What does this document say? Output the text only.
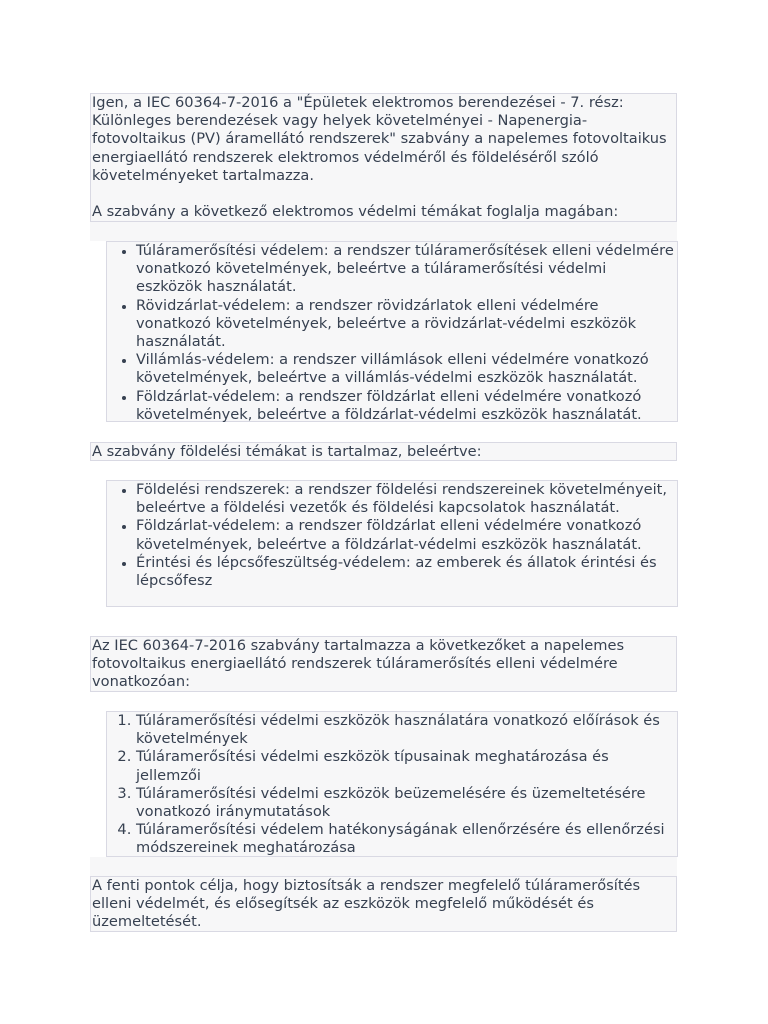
Igen, a IEC 60364-7-2016 a "Épületek elektromos berendezései - 7. rész: Különleges berendezések vagy helyek követelményei - Napenergia-fotovoltaikus (PV) áramellátó rendszerek" szabvány a napelemes fotovoltaikus energiaellátó rendszerek elektromos védelméről és földeléséről szóló követelményeket tartalmazza.

A szabvány a következő elektromos védelmi témákat foglalja magában:

• Túláramerősítési védelem: a rendszer túláramerősítések elleni védelmére vonatkozó követelmények, beleértve a túláramerősítési védelmi eszközök használatát.
• Rövidzárlat-védelem: a rendszer rövidzárlatok elleni védelmére vonatkozó követelmények, beleértve a rövidzárlat-védelmi eszközök használatát.
• Villámlás-védelem: a rendszer villámlások elleni védelmére vonatkozó követelmények, beleértve a villámlás-védelmi eszközök használatát.
• Földzárlat-védelem: a rendszer földzárlat elleni védelmére vonatkozó követelmények, beleértve a földzárlat-védelmi eszközök használatát.

A szabvány földelési témákat is tartalmaz, beleértve:

• Földelési rendszerek: a rendszer földelési rendszereinek követelményeit, beleértve a földelési vezetők és földelési kapcsolatok használatát.
• Földzárlat-védelem: a rendszer földzárlat elleni védelmére vonatkozó követelmények, beleértve a földzárlat-védelmi eszközök használatát.
• Érintési és lépcsőfeszültség-védelem: az emberek és állatok érintési és lépcsőfesz

Az IEC 60364-7-2016 szabvány tartalmazza a következőket a napelemes fotovoltaikus energiaellátó rendszerek túláramerősítés elleni védelmére vonatkozóan:

1. Túláramerősítési védelmi eszközök használatára vonatkozó előírások és követelmények
2. Túláramerősítési védelmi eszközök típusainak meghatározása és jellemzői
3. Túláramerősítési védelmi eszközök beüzemelésére és üzemeltetésére vonatkozó iránymutatások
4. Túláramerősítési védelem hatékonyságának ellenőrzésére és ellenőrzési módszereinek meghatározása

A fenti pontok célja, hogy biztosítsák a rendszer megfelelő túláramerősítés elleni védelmét, és elősegítsék az eszközök megfelelő működését és üzemeltetését.
